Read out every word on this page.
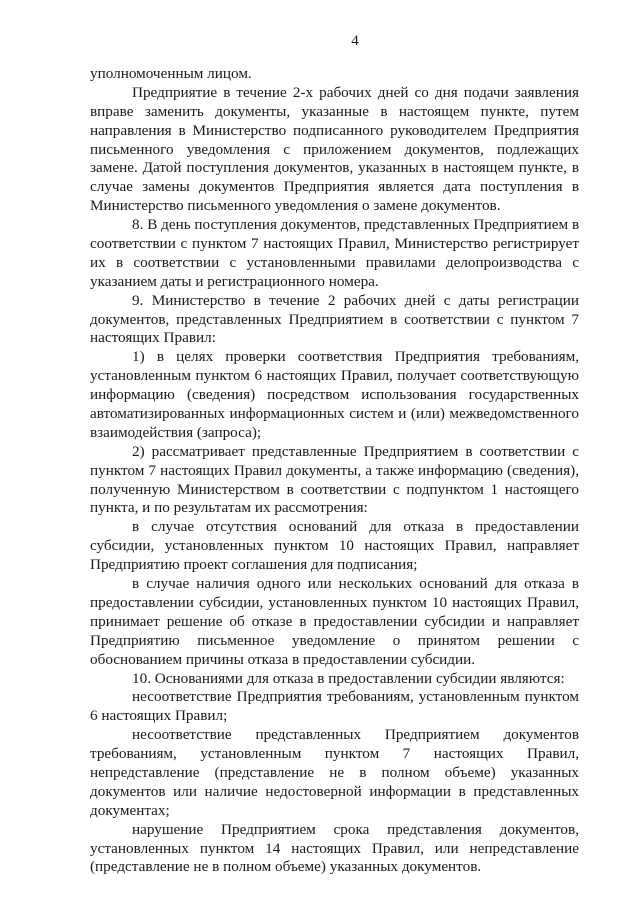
4
уполномоченным лицом.
Предприятие в течение 2-х рабочих дней со дня подачи заявления
вправе заменить документы, указанные в настоящем пункте, путем
направления в Министерство подписанного руководителем Предприятия
письменного уведомления с приложением документов, подлежащих
замене. Датой поступления документов, указанных в настоящем пункте, в
случае замены документов Предприятия является дата поступления в
Министерство письменного уведомления о замене документов.
8. В день поступления документов, представленных Предприятием в
соответствии с пунктом 7 настоящих Правил, Министерство регистрирует
их в соответствии с установленными правилами делопроизводства с
указанием даты и регистрационного номера.
9. Министерство в течение 2 рабочих дней с даты регистрации
документов, представленных Предприятием в соответствии с пунктом 7
настоящих Правил:
1) в целях проверки соответствия Предприятия требованиям,
установленным пунктом 6 настоящих Правил, получает соответствующую
информацию (сведения) посредством использования государственных
автоматизированных информационных систем и (или) межведомственного
взаимодействия (запроса);
2) рассматривает представленные Предприятием в соответствии с
пунктом 7 настоящих Правил документы, а также информацию (сведения),
полученную Министерством в соответствии с подпунктом 1 настоящего
пункта, и по результатам их рассмотрения:
в случае отсутствия оснований для отказа в предоставлении
субсидии, установленных пунктом 10 настоящих Правил, направляет
Предприятию проект соглашения для подписания;
в случае наличия одного или нескольких оснований для отказа в
предоставлении субсидии, установленных пунктом 10 настоящих Правил,
принимает решение об отказе в предоставлении субсидии и направляет
Предприятию письменное уведомление о принятом решении с
обоснованием причины отказа в предоставлении субсидии.
10. Основаниями для отказа в предоставлении субсидии являются:
несоответствие Предприятия требованиям, установленным пунктом
6 настоящих Правил;
несоответствие представленных Предприятием документов
требованиям, установленным пунктом 7 настоящих Правил,
непредставление (представление не в полном объеме) указанных
документов или наличие недостоверной информации в представленных
документах;
нарушение Предприятием срока представления документов,
установленных пунктом 14 настоящих Правил, или непредставление
(представление не в полном объеме) указанных документов.
